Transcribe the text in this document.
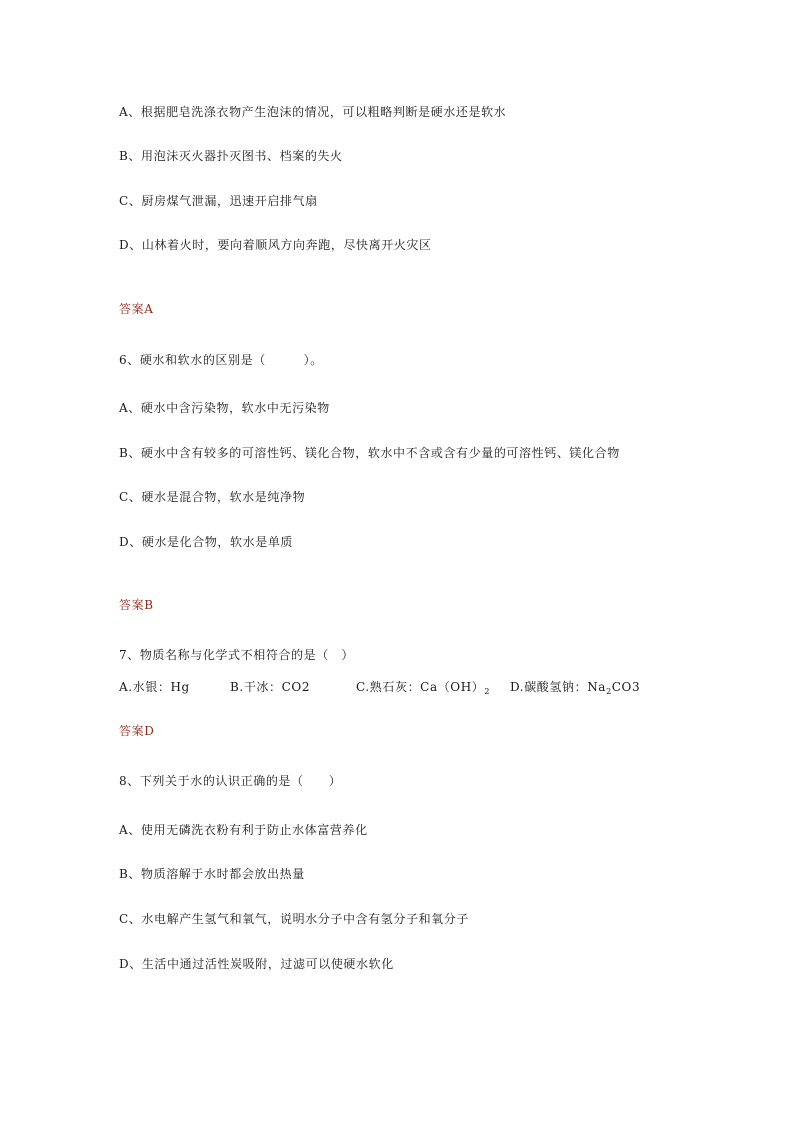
A、根据肥皂洗涤衣物产生泡沫的情况，可以粗略判断是硬水还是软水
B、用泡沫灭火器扑灭图书、档案的失火
C、厨房煤气泄漏，迅速开启排气扇
D、山林着火时，要向着顺风方向奔跑，尽快离开火灾区
答案A
6、硬水和软水的区别是（　　　）。
A、硬水中含污染物，软水中无污染物
B、硬水中含有较多的可溶性钙、镁化合物，软水中不含或含有少量的可溶性钙、镁化合物
C、硬水是混合物，软水是纯净物
D、硬水是化合物，软水是单质
答案B
7、物质名称与化学式不相符合的是（　）
A.水银：Hg	B.干冰：CO2	C.熟石灰：$Ca(OH)_2$ D.碳酸氢钠：$Na_2CO3$
答案D
8、下列关于水的认识正确的是（　　）
A、使用无磷洗衣粉有利于防止水体富营养化
B、物质溶解于水时都会放出热量
C、水电解产生氢气和氧气，说明水分子中含有氢分子和氧分子
D、生活中通过活性炭吸附，过滤可以使硬水软化
